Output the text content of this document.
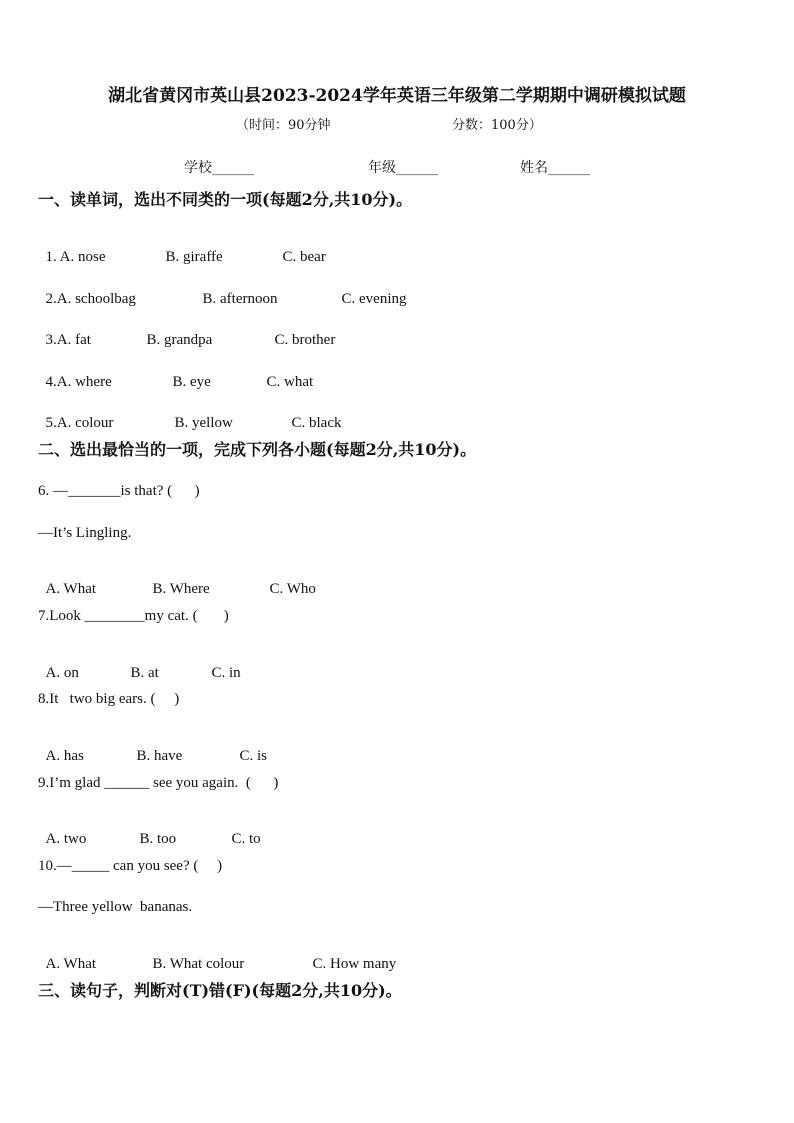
湖北省黄冈市英山县2023-2024学年英语三年级第二学期期中调研模拟试题
（时间：90分钟	分数：100分）
学校______	年级______	姓名______
一、读单词，选出不同类的一项(每题2分,共10分)。

1. A. nose	B. giraffe	C. bear

2.A. schoolbag	B. afternoon	C. evening

3.A. fat	B. grandpa	C. brother

4.A. where	B. eye	C. what

5.A. colour	B. yellow	C. black

二、选出最恰当的一项，完成下列各小题(每题2分,共10分)。
6. —_______is that? (      )
—It’s Lingling.

A. What	B. Where	C. Who

7.Look ________my cat. (       )

A. on	B. at	C. in

8.It   two big ears. (     )

A. has	B. have	C. is

9.I’m glad ______ see you again.  (      )

A. two	B. too	C. to

10.—_____ can you see? (     )
—Three yellow  bananas.

A. What	B. What colour	C. How many

三、读句子，判断对(T)错(F)(每题2分,共10分)。
